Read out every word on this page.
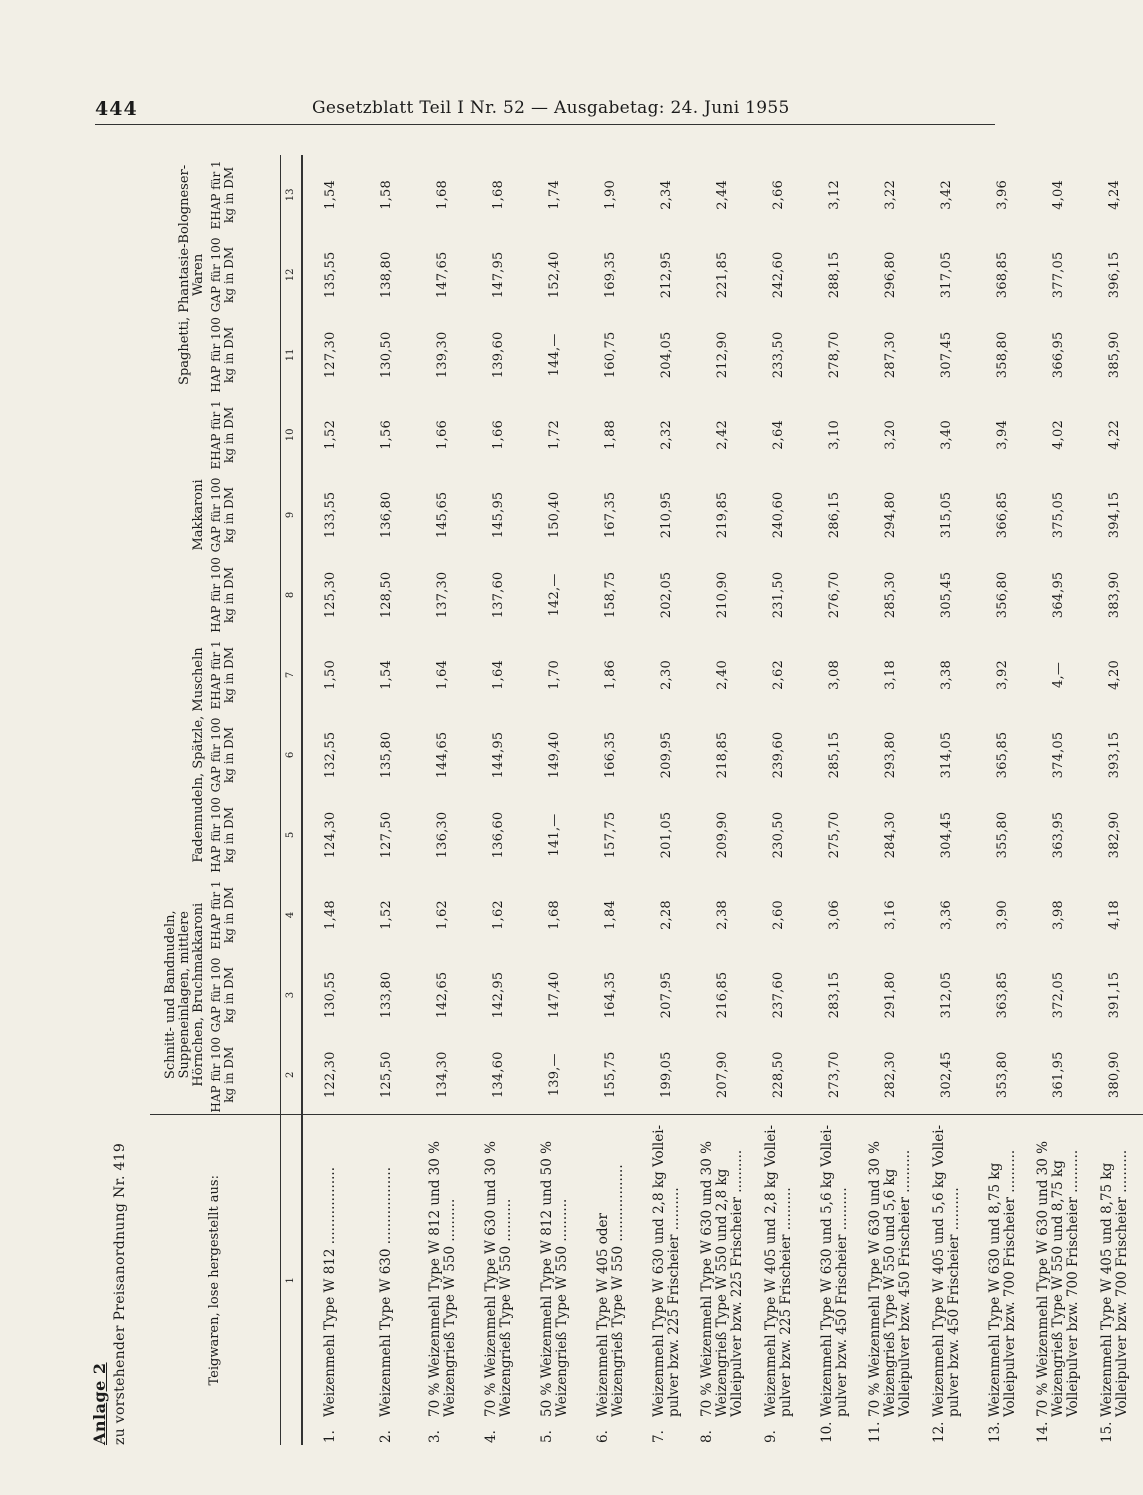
444	Gesetzblatt Teil I Nr. 52 — Ausgabetag: 24. Juni 1955
Anlage 2 zu vorstehender Preisanordnung Nr. 419	Teigwaren, lose hergestellt aus:	Schnitt- und Bandnudeln, Suppeneinlagen, mittlere Hörnchen, Bruchmakkaroni			Fadennudeln, Spätzle, Muscheln			Makkaroni			Spaghetti, Phantasie-Bologneser-Waren		
	HAP für 100 kg in DM	GAP für 100 kg in DM	EHAP für 1 kg in DM	HAP für 100 kg in DM	GAP für 100 kg in DM	EHAP für 1 kg in DM	HAP für 100 kg in DM	GAP für 100 kg in DM	EHAP für 1 kg in DM	HAP für 100 kg in DM	GAP für 100 kg in DM	EHAP für 1 kg in DM
1	2	3	4	5	6	7	8	9	10	11	12	13

1.
Weizenmehl Type W 812 ..................	122,30	130,55	1,48	124,30	132,55	1,50	125,30	133,55	1,52	127,30	135,55	1,54

2.
Weizenmehl Type W 630 ..................	125,50	133,80	1,52	127,50	135,80	1,54	128,50	136,80	1,56	130,50	138,80	1,58

3.
70 % Weizenmehl Type W 812 und 30 % Weizengrieß Type W 550 ..........	134,30	142,65	1,62	136,30	144,65	1,64	137,30	145,65	1,66	139,30	147,65	1,68

4.
70 % Weizenmehl Type W 630 und 30 % Weizengrieß Type W 550 ..........	134,60	142,95	1,62	136,60	144,95	1,64	137,60	145,95	1,66	139,60	147,95	1,68

5.
50 % Weizenmehl Type W 812 und 50 % Weizengrieß Type W 550 ..........	139,—	147,40	1,68	141,—	149,40	1,70	142,—	150,40	1,72	144,—	152,40	1,74

6.
Weizenmehl Type W 405 oder Weizengrieß Type W 550 ..................	155,75	164,35	1,84	157,75	166,35	1,86	158,75	167,35	1,88	160,75	169,35	1,90

7.
Weizenmehl Type W 630 und 2,8 kg Volleipulver bzw. 225 Frischeier ..........	199,05	207,95	2,28	201,05	209,95	2,30	202,05	210,95	2,32	204,05	212,95	2,34

8.
70 % Weizenmehl Type W 630 und 30 % Weizengrieß Type W 550 und 2,8 kg Volleipulver bzw. 225 Frischeier ..........	207,90	216,85	2,38	209,90	218,85	2,40	210,90	219,85	2,42	212,90	221,85	2,44

9.
Weizenmehl Type W 405 und 2,8 kg Volleipulver bzw. 225 Frischeier ..........	228,50	237,60	2,60	230,50	239,60	2,62	231,50	240,60	2,64	233,50	242,60	2,66

10.
Weizenmehl Type W 630 und 5,6 kg Volleipulver bzw. 450 Frischeier ..........	273,70	283,15	3,06	275,70	285,15	3,08	276,70	286,15	3,10	278,70	288,15	3,12

11.
70 % Weizenmehl Type W 630 und 30 % Weizengrieß Type W 550 und 5,6 kg Volleipulver bzw. 450 Frischeier ..........	282,30	291,80	3,16	284,30	293,80	3,18	285,30	294,80	3,20	287,30	296,80	3,22

12.
Weizenmehl Type W 405 und 5,6 kg Volleipulver bzw. 450 Frischeier ..........	302,45	312,05	3,36	304,45	314,05	3,38	305,45	315,05	3,40	307,45	317,05	3,42

13.
Weizenmehl Type W 630 und 8,75 kg Volleipulver bzw. 700 Frischeier ..........	353,80	363,85	3,90	355,80	365,85	3,92	356,80	366,85	3,94	358,80	368,85	3,96

14.
70 % Weizenmehl Type W 630 und 30 % Weizengrieß Type W 550 und 8,75 kg Volleipulver bzw. 700 Frischeier ..........	361,95	372,05	3,98	363,95	374,05	4,—	364,95	375,05	4,02	366,95	377,05	4,04

15.
Weizenmehl Type W 405 und 8,75 kg Volleipulver bzw. 700 Frischeier ..........	380,90	391,15	4,18	382,90	393,15	4,20	383,90	394,15	4,22	385,90	396,15	4,24
